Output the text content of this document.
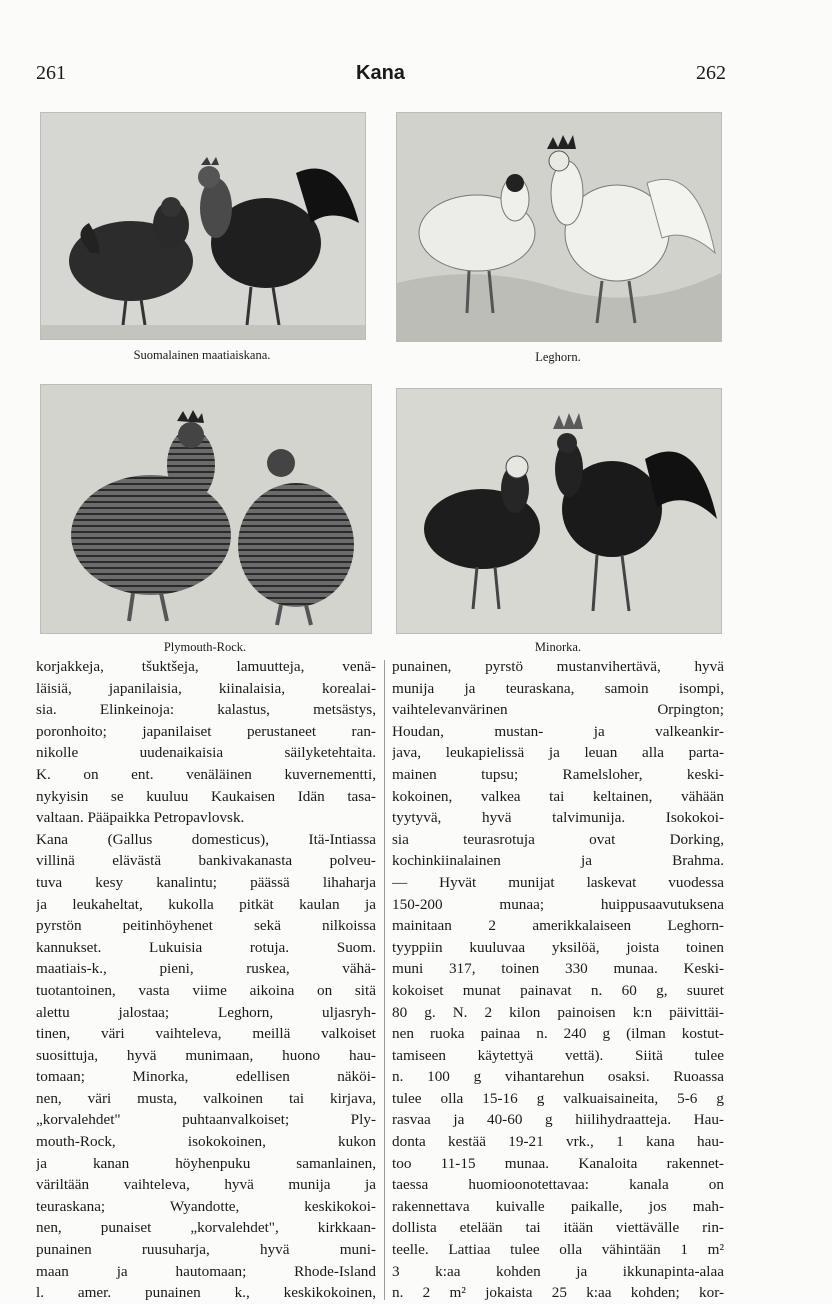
261	Kana	262
Suomalainen maatiaiskana.	Leghorn.
Plymouth-Rock.	Minorka.
korjakkeja, tšuktšeja, lamuutteja, venä-
läisiä, japanilaisia, kiinalaisia, korealai-
sia. Elinkeinoja: kalastus, metsästys,
poronhoito; japanilaiset perustaneet ran-
nikolle uudenaikaisia säilyketehtaita.
K. on ent. venäläinen kuvernementti,
nykyisin se kuuluu Kaukaisen Idän tasa-
valtaan. Pääpaikka Petropavlovsk.
Kana (Gallus domesticus), Itä-Intiassa
villinä elävästä bankivakanasta polveu-
tuva kesy kanalintu; päässä lihaharja
ja leukaheltat, kukolla pitkät kaulan ja
pyrstön peitinhöyhenet sekä nilkoissa
kannukset. Lukuisia rotuja. Suom.
maatiais-k., pieni, ruskea, vähä-
tuotantoinen, vasta viime aikoina on sitä
alettu jalostaa; Leghorn, uljasryh-
tinen, väri vaihteleva, meillä valkoiset
suosittuja, hyvä munimaan, huono hau-
tomaan; Minorka, edellisen näköi-
nen, väri musta, valkoinen tai kirjava,
„korvalehdet" puhtaanvalkoiset; Ply-
mouth-Rock, isokokoinen, kukon
ja kanan höyhenpuku samanlainen,
väriltään vaihteleva, hyvä munija ja
teuraskana; Wyandotte, keskikokoi-
nen, punaiset „korvalehdet", kirkkaan-
punainen ruusuharja, hyvä muni-
maan ja hautomaan; Rhode-Island
l. amer. punainen k., keskikokoinen,
punainen, pyrstö mustanvihertävä, hyvä
munija ja teuraskana, samoin isompi,
vaihtelevanvärinen Orpington;
Houdan, mustan- ja valkeankir-
java, leukapielissä ja leuan alla parta-
mainen tupsu; Ramelsloher, keski-
kokoinen, valkea tai keltainen, vähään
tyytyvä, hyvä talvimunija. Isokokoi-
sia teurasrotuja ovat Dorking,
kochinkiinalainen ja Brahma.
— Hyvät munijat laskevat vuodessa
150-200 munaa; huippusaavutuksena
mainitaan 2 amerikkalaiseen Leghorn-
tyyppiin kuuluvaa yksilöä, joista toinen
muni 317, toinen 330 munaa. Keski-
kokoiset munat painavat n. 60 g, suuret
80 g. N. 2 kilon painoisen k:n päivittäi-
nen ruoka painaa n. 240 g (ilman kostut-
tamiseen käytettyä vettä). Siitä tulee
n. 100 g vihantarehun osaksi. Ruoassa
tulee olla 15-16 g valkuaisaineita, 5-6 g
rasvaa ja 40-60 g hiilihydraatteja. Hau-
donta kestää 19-21 vrk., 1 kana hau-
too 11-15 munaa. Kanaloita rakennet-
taessa huomioonotettavaa: kanala on
rakennettava kuivalle paikalle, jos mah-
dollista etelään tai itään viettävälle rin-
teelle. Lattiaa tulee olla vähintään 1 m²
3 k:aa kohden ja ikkunapinta-alaa
n. 2 m² jokaista 25 k:aa kohden; kor-
